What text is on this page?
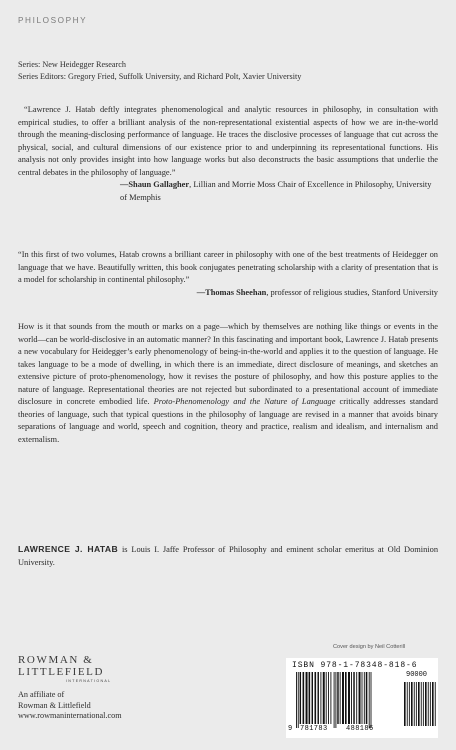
PHILOSOPHY
Series: New Heidegger Research
Series Editors: Gregory Fried, Suffolk University, and Richard Polt, Xavier University

“Lawrence J. Hatab deftly integrates phenomenological and analytic resources in philosophy, in consultation with empirical studies, to offer a brilliant analysis of the non-representational existential aspects of how we are in-the-world through the meaning-disclosing performance of language. He traces the disclosive processes of language that cut across the physical, social, and cultural dimensions of our existence prior to and underpinning its representational functions. His analysis not only provides insight into how language works but also deconstructs the basic assumptions that underlie the central debates in the philosophy of language.”

—Shaun Gallagher, Lillian and Morrie Moss Chair of Excellence in Philosophy, University of Memphis

“In this first of two volumes, Hatab crowns a brilliant career in philosophy with one of the best treatments of Heidegger on language that we have. Beautifully written, this book conjugates penetrating scholarship with a clarity of presentation that is a model for scholarship in continental philosophy.”

—Thomas Sheehan, professor of religious studies, Stanford University

How is it that sounds from the mouth or marks on a page—which by themselves are nothing like things or events in the world—can be world-disclosive in an automatic manner? In this fascinating and important book, Lawrence J. Hatab presents a new vocabulary for Heidegger’s early phenomenology of being-in-the-world and applies it to the question of language. He takes language to be a mode of dwelling, in which there is an immediate, direct disclosure of meanings, and sketches an extensive picture of proto-phenomenology, how it revises the posture of philosophy, and how this posture applies to the nature of language. Representational theories are not rejected but subordinated to a presentational account of immediate disclosure in concrete embodied life. Proto-Phenomenology and the Nature of Language critically addresses standard theories of language, such that typical questions in the philosophy of language are revised in a manner that avoids binary separations of language and world, speech and cognition, theory and practice, realism and idealism, and internalism and externalism.

LAWRENCE J. HATAB is Louis I. Jaffe Professor of Philosophy and eminent scholar emeritus at Old Dominion University.

Cover design by Neil Cotterill
ROWMAN &
LITTLEFIELD
INTERNATIONAL
An affiliate of
Rowman & Littlefield
www.rowmaninternational.com
ISBN 978-1-78348-818-6
9 781783	488186
90000
